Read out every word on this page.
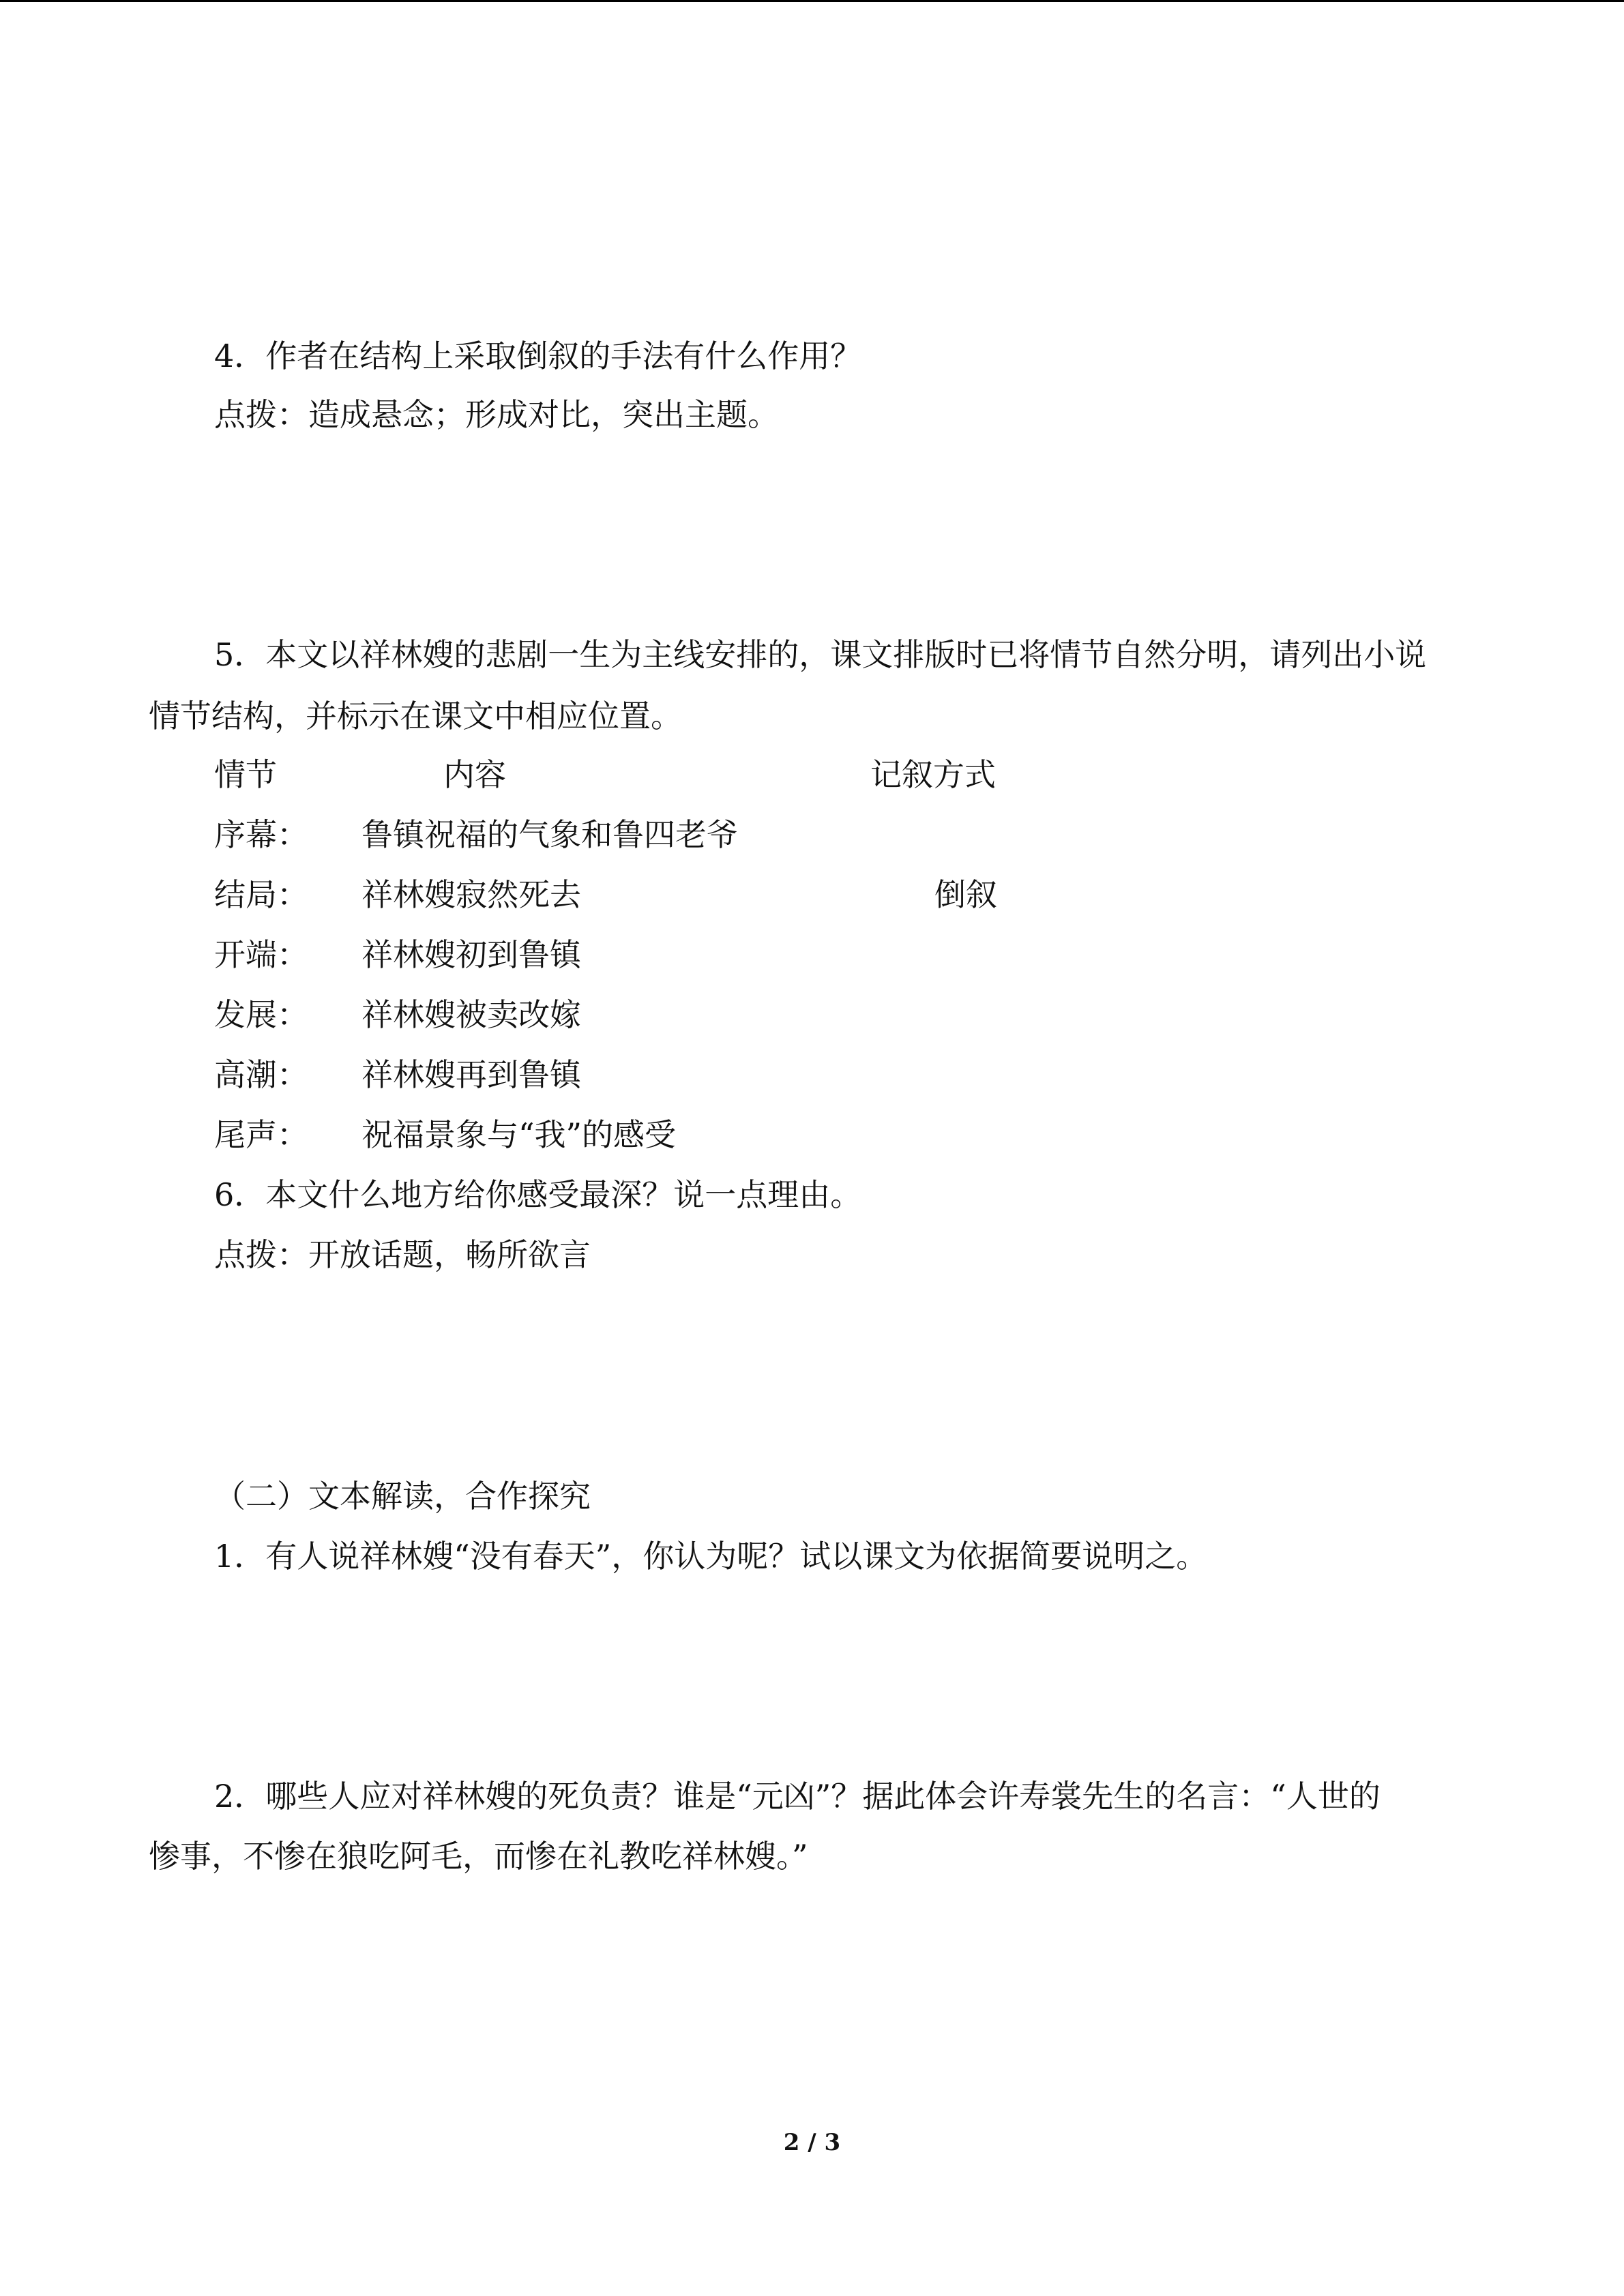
4．作者在结构上采取倒叙的手法有什么作用？
点拨：造成悬念；形成对比，突出主题。
5．本文以祥林嫂的悲剧一生为主线安排的，课文排版时已将情节自然分明，请列出小说
情节结构，并标示在课文中相应位置。
情节	内容	记叙方式
序幕： 鲁镇祝福的气象和鲁四老爷
结局： 祥林嫂寂然死去	倒叙
开端： 祥林嫂初到鲁镇
发展： 祥林嫂被卖改嫁
高潮： 祥林嫂再到鲁镇
尾声： 祝福景象与“我”的感受
6．本文什么地方给你感受最深？说一点理由。
点拨：开放话题，畅所欲言
（二）文本解读，合作探究
1．有人说祥林嫂“没有春天”，你认为呢？试以课文为依据简要说明之。
2．哪些人应对祥林嫂的死负责？谁是“元凶”？据此体会许寿裳先生的名言：“人世的
惨事，不惨在狼吃阿毛，而惨在礼教吃祥林嫂。”
2 / 3
